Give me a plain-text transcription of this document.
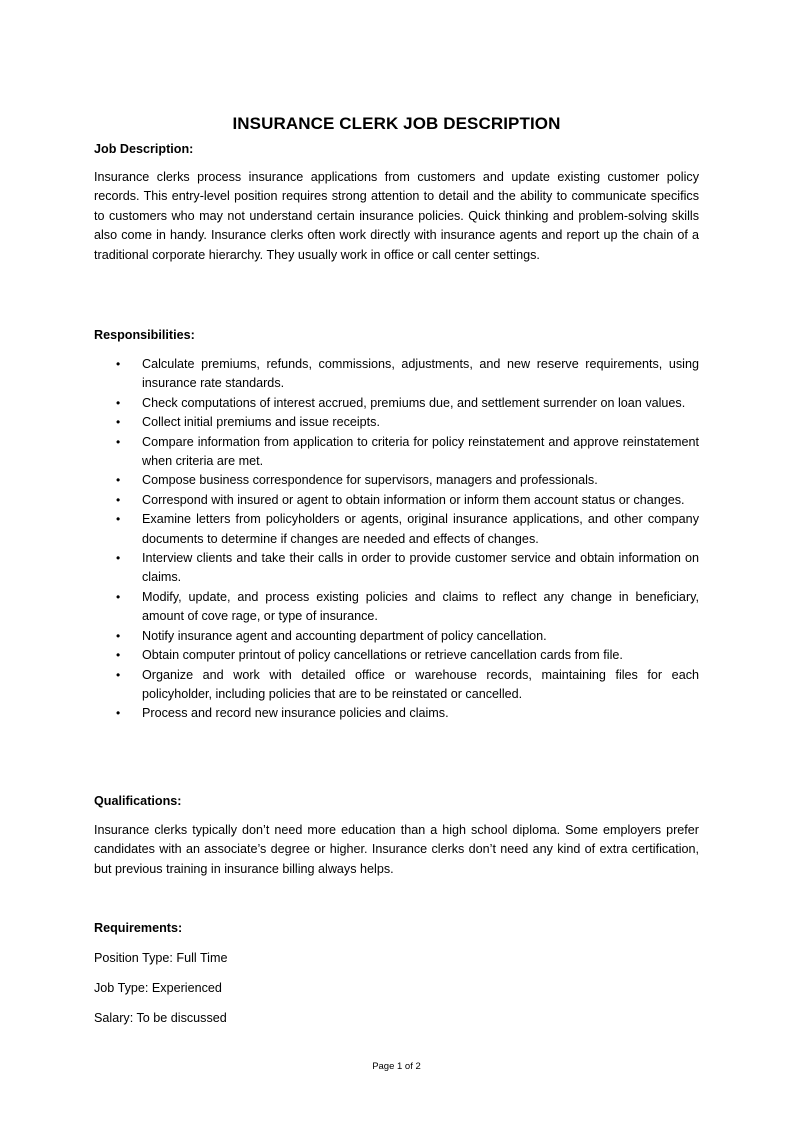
INSURANCE CLERK JOB DESCRIPTION
Job Description:

Insurance clerks process insurance applications from customers and update existing customer policy records. This entry-level position requires strong attention to detail and the ability to communicate specifics to customers who may not understand certain insurance policies. Quick thinking and problem-solving skills also come in handy. Insurance clerks often work directly with insurance agents and report up the chain of a traditional corporate hierarchy. They usually work in office or call center settings.

Responsibilities:
• Calculate premiums, refunds, commissions, adjustments, and new reserve requirements, using insurance rate standards.
• Check computations of interest accrued, premiums due, and settlement surrender on loan values.
• Collect initial premiums and issue receipts.
• Compare information from application to criteria for policy reinstatement and approve reinstatement when criteria are met.
• Compose business correspondence for supervisors, managers and professionals.
• Correspond with insured or agent to obtain information or inform them account status or changes.
• Examine letters from policyholders or agents, original insurance applications, and other company documents to determine if changes are needed and effects of changes.
• Interview clients and take their calls in order to provide customer service and obtain information on claims.
• Modify, update, and process existing policies and claims to reflect any change in beneficiary, amount of cove rage, or type of insurance.
• Notify insurance agent and accounting department of policy cancellation.
• Obtain computer printout of policy cancellations or retrieve cancellation cards from file.
• Organize and work with detailed office or warehouse records, maintaining files for each policyholder, including policies that are to be reinstated or cancelled.
• Process and record new insurance policies and claims.
Qualifications:

Insurance clerks typically don’t need more education than a high school diploma. Some employers prefer candidates with an associate’s degree or higher. Insurance clerks don’t need any kind of extra certification, but previous training in insurance billing always helps.

Requirements:
Position Type: Full Time
Job Type: Experienced
Salary: To be discussed
Page 1 of 2
